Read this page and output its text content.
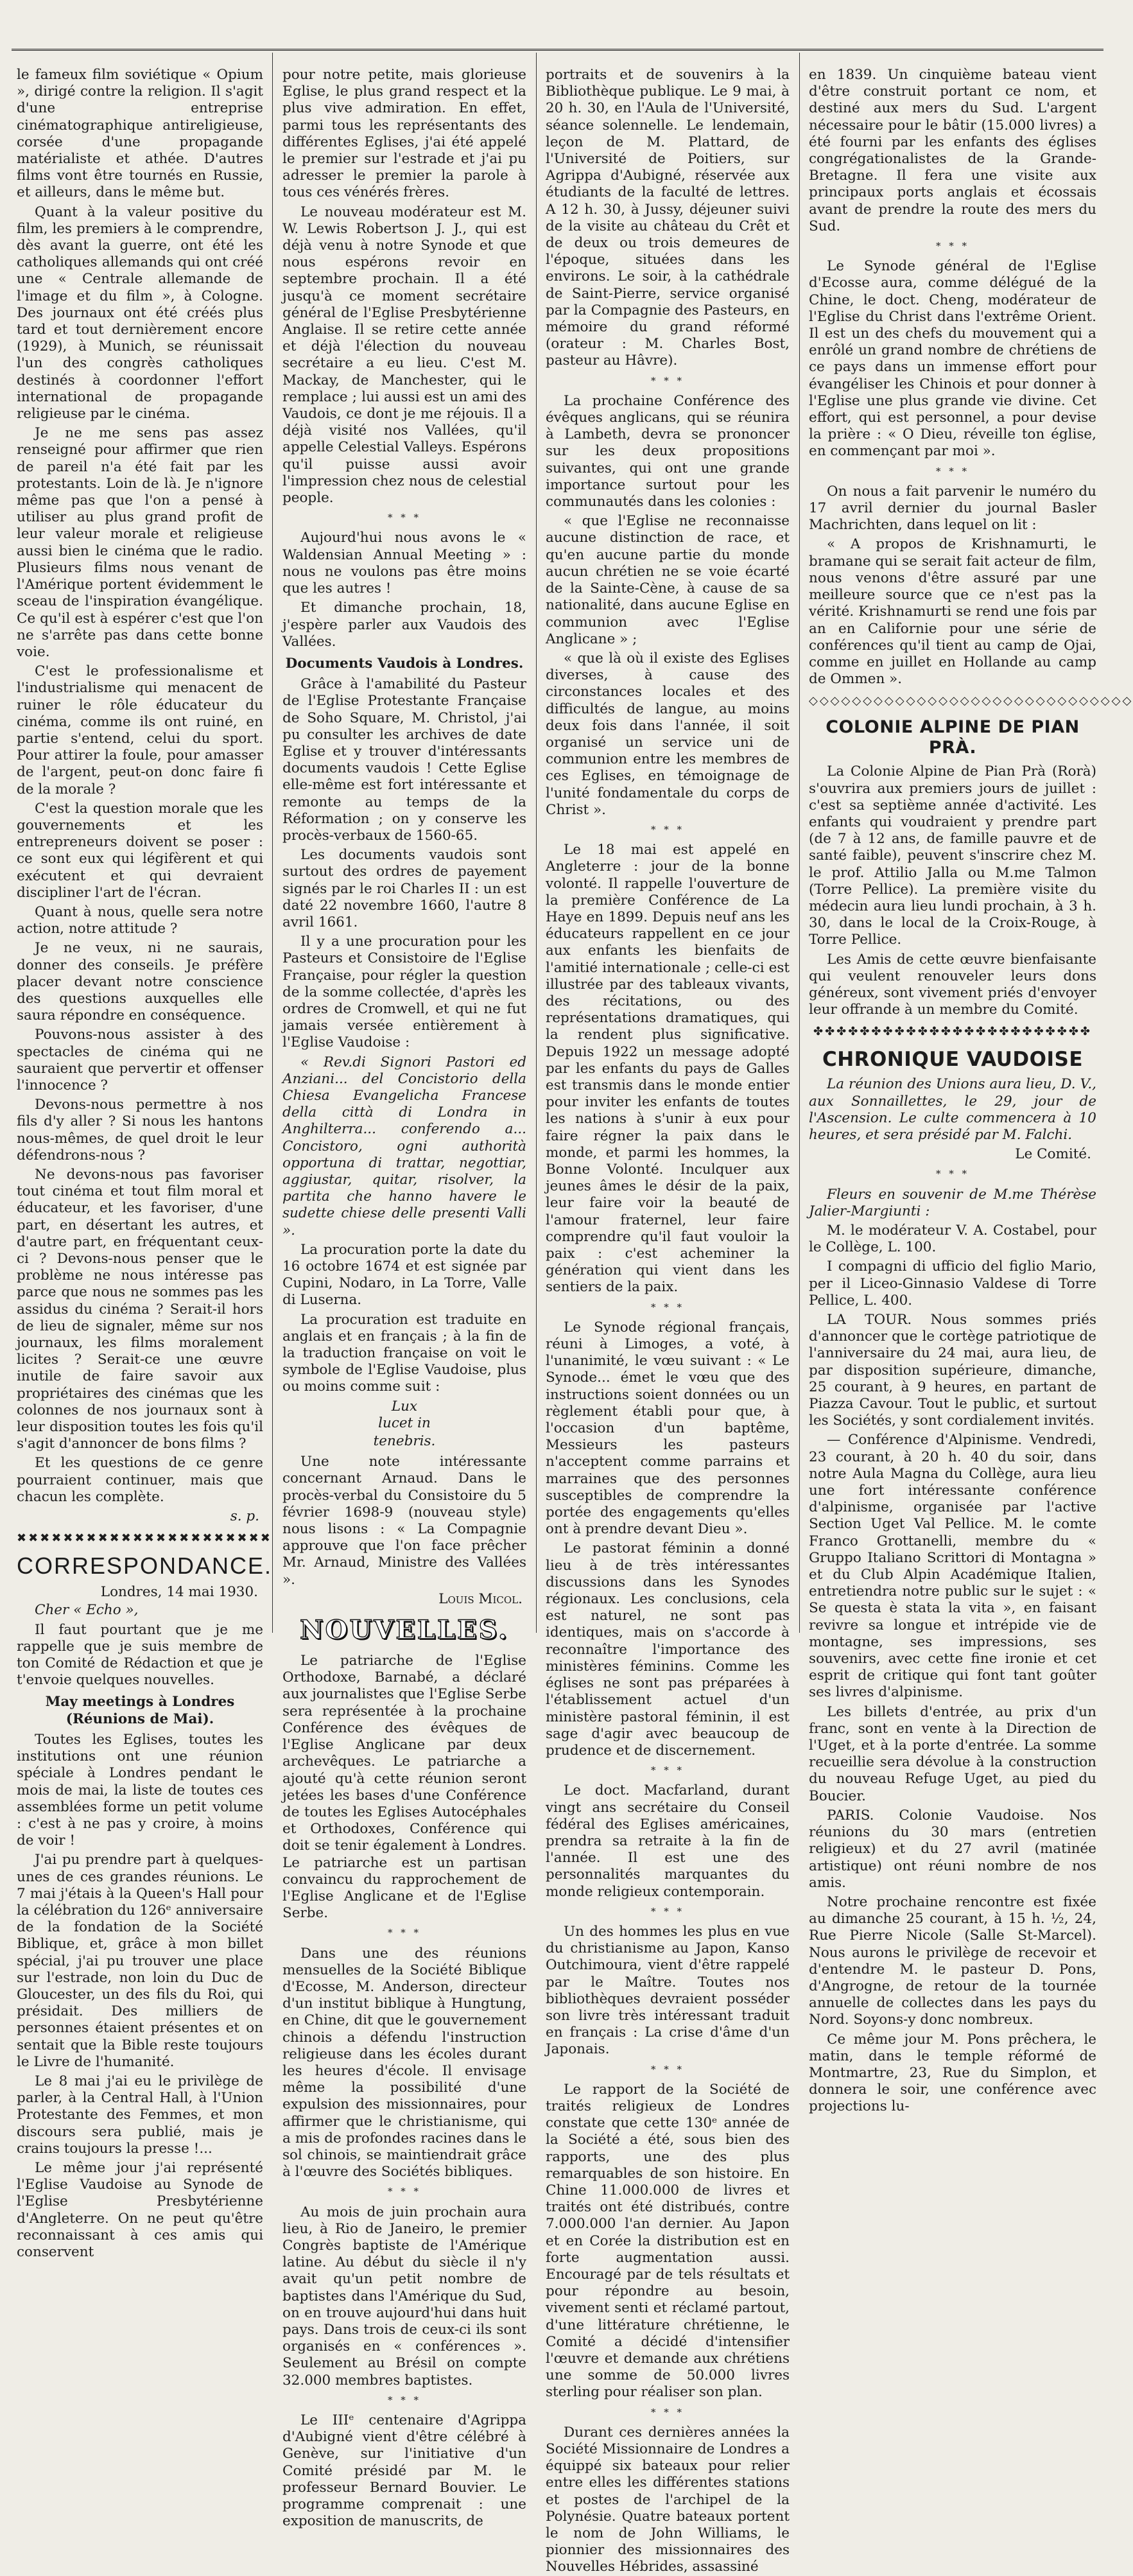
le fameux film soviétique « Opium », dirigé contre la religion. Il s'agit d'une entreprise cinématographique antireligieuse, corsée d'une propagande matérialiste et athée. D'autres films vont être tournés en Russie, et ailleurs, dans le même but.

Quant à la valeur positive du film, les premiers à le comprendre, dès avant la guerre, ont été les catholiques allemands qui ont créé une « Centrale allemande de l'image et du film », à Cologne. Des journaux ont été créés plus tard et tout dernièrement encore (1929), à Munich, se réunissait l'un des congrès catholiques destinés à coordonner l'effort international de propagande religieuse par le cinéma.

Je ne me sens pas assez renseigné pour affirmer que rien de pareil n'a été fait par les protestants. Loin de là. Je n'ignore même pas que l'on a pensé à utiliser au plus grand profit de leur valeur morale et religieuse aussi bien le cinéma que le radio. Plusieurs films nous venant de l'Amérique portent évidemment le sceau de l'inspiration évangélique. Ce qu'il est à espérer c'est que l'on ne s'arrête pas dans cette bonne voie.

C'est le professionalisme et l'industrialisme qui menacent de ruiner le rôle éducateur du cinéma, comme ils ont ruiné, en partie s'entend, celui du sport. Pour attirer la foule, pour amasser de l'argent, peut-on donc faire fi de la morale ?

C'est la question morale que les gouvernements et les entrepreneurs doivent se poser : ce sont eux qui légifèrent et qui exécutent et qui devraient discipliner l'art de l'écran.

Quant à nous, quelle sera notre action, notre attitude ?

Je ne veux, ni ne saurais, donner des conseils. Je préfère placer devant notre conscience des questions auxquelles elle saura répondre en conséquence.

Pouvons-nous assister à des spectacles de cinéma qui ne sauraient que pervertir et offenser l'innocence ?

Devons-nous permettre à nos fils d'y aller ? Si nous les hantons nous-mêmes, de quel droit le leur défendrons-nous ?

Ne devons-nous pas favoriser tout cinéma et tout film moral et éducateur, et les favoriser, d'une part, en désertant les autres, et d'autre part, en fréquentant ceux-ci ? Devons-nous penser que le problème ne nous intéresse pas parce que nous ne sommes pas les assidus du cinéma ? Serait-il hors de lieu de signaler, même sur nos journaux, les films moralement licites ? Serait-ce une œuvre inutile de faire savoir aux propriétaires des cinémas que les colonnes de nos journaux sont à leur disposition toutes les fois qu'il s'agit d'annoncer de bons films ?

Et les questions de ce genre pourraient continuer, mais que chacun les complète.

s. p.
✖✖✖✖✖✖✖✖✖✖✖✖✖✖✖✖✖✖✖✖✖✖
CORRESPONDANCE.
Londres, 14 mai 1930.
Cher « Echo »,

Il faut pourtant que je me rappelle que je suis membre de ton Comité de Rédaction et que je t'envoie quelques nouvelles.

May meetings à Londres
(Réunions de Mai).

Toutes les Eglises, toutes les institutions ont une réunion spéciale à Londres pendant le mois de mai, la liste de toutes ces assemblées forme un petit volume : c'est à ne pas y croire, à moins de voir !

J'ai pu prendre part à quelques-unes de ces grandes réunions. Le 7 mai j'étais à la Queen's Hall pour la célébration du 126ᵉ anniversaire de la fondation de la Société Biblique, et, grâce à mon billet spécial, j'ai pu trouver une place sur l'estrade, non loin du Duc de Gloucester, un des fils du Roi, qui présidait. Des milliers de personnes étaient présentes et on sentait que la Bible reste toujours le Livre de l'humanité.

Le 8 mai j'ai eu le privilège de parler, à la Central Hall, à l'Union Protestante des Femmes, et mon discours sera publié, mais je crains toujours la presse !...

Le même jour j'ai représenté l'Eglise Vaudoise au Synode de l'Eglise Presbytérienne d'Angleterre. On ne peut qu'être reconnaissant à ces amis qui conservent

pour notre petite, mais glorieuse Eglise, le plus grand respect et la plus vive admiration. En effet, parmi tous les représentants des différentes Eglises, j'ai été appelé le premier sur l'estrade et j'ai pu adresser le premier la parole à tous ces vénérés frères.

Le nouveau modérateur est M. W. Lewis Robertson J. J., qui est déjà venu à notre Synode et que nous espérons revoir en septembre prochain. Il a été jusqu'à ce moment secrétaire général de l'Eglise Presbytérienne Anglaise. Il se retire cette année et déjà l'élection du nouveau secrétaire a eu lieu. C'est M. Mackay, de Manchester, qui le remplace ; lui aussi est un ami des Vaudois, ce dont je me réjouis. Il a déjà visité nos Vallées, qu'il appelle Celestial Valleys. Espérons qu'il puisse aussi avoir l'impression chez nous de celestial people.

* * *

Aujourd'hui nous avons le « Waldensian Annual Meeting » : nous ne voulons pas être moins que les autres !

Et dimanche prochain, 18, j'espère parler aux Vaudois des Vallées.

Documents Vaudois à Londres.

Grâce à l'amabilité du Pasteur de l'Eglise Protestante Française de Soho Square, M. Christol, j'ai pu consulter les archives de date Eglise et y trouver d'intéressants documents vaudois ! Cette Eglise elle-même est fort intéressante et remonte au temps de la Réformation ; on y conserve les procès-verbaux de 1560-65.

Les documents vaudois sont surtout des ordres de payement signés par le roi Charles II : un est daté 22 novembre 1660, l'autre 8 avril 1661.

Il y a une procuration pour les Pasteurs et Consistoire de l'Eglise Française, pour régler la question de la somme collectée, d'après les ordres de Cromwell, et qui ne fut jamais versée entièrement à l'Eglise Vaudoise :

« Rev.di Signori Pastori ed Anziani... del Concistorio della Chiesa Evangelicha Francese della città di Londra in Anghilterra... conferendo a... Concistoro, ogni authorità opportuna di trattar, negottiar, aggiustar, quitar, risolver, la partita che hanno havere le sudette chiese delle presenti Valli ».

La procuration porte la date du 16 octobre 1674 et est signée par Cupini, Nodaro, in La Torre, Valle di Luserna.

La procuration est traduite en anglais et en français ; à la fin de la traduction française on voit le symbole de l'Eglise Vaudoise, plus ou moins comme suit :

Lux
lucet in
tenebris.

Une note intéressante concernant Arnaud. Dans le procès-verbal du Consistoire du 5 février 1698-9 (nouveau style) nous lisons : « La Compagnie approuve que l'on face prêcher Mr. Arnaud, Ministre des Vallées ».

Louis Micol.
NOUVELLES.

Le patriarche de l'Eglise Orthodoxe, Barnabé, a déclaré aux journalistes que l'Eglise Serbe sera représentée à la prochaine Conférence des évêques de l'Eglise Anglicane par deux archevêques. Le patriarche a ajouté qu'à cette réunion seront jetées les bases d'une Conférence de toutes les Eglises Autocéphales et Orthodoxes, Conférence qui doit se tenir également à Londres. Le patriarche est un partisan convaincu du rapprochement de l'Eglise Anglicane et de l'Eglise Serbe.

* * *

Dans une des réunions mensuelles de la Société Biblique d'Ecosse, M. Anderson, directeur d'un institut biblique à Hungtung, en Chine, dit que le gouvernement chinois a défendu l'instruction religieuse dans les écoles durant les heures d'école. Il envisage même la possibilité d'une expulsion des missionnaires, pour affirmer que le christianisme, qui a mis de profondes racines dans le sol chinois, se maintiendrait grâce à l'œuvre des Sociétés bibliques.

* * *

Au mois de juin prochain aura lieu, à Rio de Janeiro, le premier Congrès baptiste de l'Amérique latine. Au début du siècle il n'y avait qu'un petit nombre de baptistes dans l'Amérique du Sud, on en trouve aujourd'hui dans huit pays. Dans trois de ceux-ci ils sont organisés en « conférences ». Seulement au Brésil on compte 32.000 membres baptistes.

* * *

Le IIIᵉ centenaire d'Agrippa d'Aubigné vient d'être célébré à Genève, sur l'initiative d'un Comité présidé par M. le professeur Bernard Bouvier. Le programme comprenait : une exposition de manuscrits, de

portraits et de souvenirs à la Bibliothèque publique. Le 9 mai, à 20 h. 30, en l'Aula de l'Université, séance solennelle. Le lendemain, leçon de M. Plattard, de l'Université de Poitiers, sur Agrippa d'Aubigné, réservée aux étudiants de la faculté de lettres. A 12 h. 30, à Jussy, déjeuner suivi de la visite au château du Crêt et de deux ou trois demeures de l'époque, situées dans les environs. Le soir, à la cathédrale de Saint-Pierre, service organisé par la Compagnie des Pasteurs, en mémoire du grand réformé (orateur : M. Charles Bost, pasteur au Hâvre).

* * *

La prochaine Conférence des évêques anglicans, qui se réunira à Lambeth, devra se prononcer sur les deux propositions suivantes, qui ont une grande importance surtout pour les communautés dans les colonies :

« que l'Eglise ne reconnaisse aucune distinction de race, et qu'en aucune partie du monde aucun chrétien ne se voie écarté de la Sainte-Cène, à cause de sa nationalité, dans aucune Eglise en communion avec l'Eglise Anglicane » ;

« que là où il existe des Eglises diverses, à cause des circonstances locales et des difficultés de langue, au moins deux fois dans l'année, il soit organisé un service uni de communion entre les membres de ces Eglises, en témoignage de l'unité fondamentale du corps de Christ ».

* * *

Le 18 mai est appelé en Angleterre : jour de la bonne volonté. Il rappelle l'ouverture de la première Conférence de La Haye en 1899. Depuis neuf ans les éducateurs rappellent en ce jour aux enfants les bienfaits de l'amitié internationale ; celle-ci est illustrée par des tableaux vivants, des récitations, ou des représentations dramatiques, qui la rendent plus significative. Depuis 1922 un message adopté par les enfants du pays de Galles est transmis dans le monde entier pour inviter les enfants de toutes les nations à s'unir à eux pour faire régner la paix dans le monde, et parmi les hommes, la Bonne Volonté. Inculquer aux jeunes âmes le désir de la paix, leur faire voir la beauté de l'amour fraternel, leur faire comprendre qu'il faut vouloir la paix : c'est acheminer la génération qui vient dans les sentiers de la paix.

* * *

Le Synode régional français, réuni à Limoges, a voté, à l'unanimité, le vœu suivant : « Le Synode... émet le vœu que des instructions soient données ou un règlement établi pour que, à l'occasion d'un baptême, Messieurs les pasteurs n'acceptent comme parrains et marraines que des personnes susceptibles de comprendre la portée des engagements qu'elles ont à prendre devant Dieu ».

Le pastorat féminin a donné lieu à de très intéressantes discussions dans les Synodes régionaux. Les conclusions, cela est naturel, ne sont pas identiques, mais on s'accorde à reconnaître l'importance des ministères féminins. Comme les églises ne sont pas préparées à l'établissement actuel d'un ministère pastoral féminin, il est sage d'agir avec beaucoup de prudence et de discernement.

* * *

Le doct. Macfarland, durant vingt ans secrétaire du Conseil fédéral des Eglises américaines, prendra sa retraite à la fin de l'année. Il est une des personnalités marquantes du monde religieux contemporain.

* * *

Un des hommes les plus en vue du christianisme au Japon, Kanso Outchimoura, vient d'être rappelé par le Maître. Toutes nos bibliothèques devraient posséder son livre très intéressant traduit en français : La crise d'âme d'un Japonais.

* * *

Le rapport de la Société de traités religieux de Londres constate que cette 130ᵉ année de la Société a été, sous bien des rapports, une des plus remarquables de son histoire. En Chine 11.000.000 de livres et traités ont été distribués, contre 7.000.000 l'an dernier. Au Japon et en Corée la distribution est en forte augmentation aussi. Encouragé par de tels résultats et pour répondre au besoin, vivement senti et réclamé partout, d'une littérature chrétienne, le Comité a décidé d'intensifier l'œuvre et demande aux chrétiens une somme de 50.000 livres sterling pour réaliser son plan.

* * *

Durant ces dernières années la Société Missionnaire de Londres a équippé six bateaux pour relier entre elles les différentes stations et postes de l'archipel de la Polynésie. Quatre bateaux portent le nom de John Williams, le pionnier des missionnaires des Nouvelles Hébrides, assassiné

en 1839. Un cinquième bateau vient d'être construit portant ce nom, et destiné aux mers du Sud. L'argent nécessaire pour le bâtir (15.000 livres) a été fourni par les enfants des églises congrégationalistes de la Grande-Bretagne. Il fera une visite aux principaux ports anglais et écossais avant de prendre la route des mers du Sud.

* * *

Le Synode général de l'Eglise d'Ecosse aura, comme délégué de la Chine, le doct. Cheng, modérateur de l'Eglise du Christ dans l'extrême Orient. Il est un des chefs du mouvement qui a enrôlé un grand nombre de chrétiens de ce pays dans un immense effort pour évangéliser les Chinois et pour donner à l'Eglise une plus grande vie divine. Cet effort, qui est personnel, a pour devise la prière : « O Dieu, réveille ton église, en commençant par moi ».

* * *

On nous a fait parvenir le numéro du 17 avril dernier du journal Basler Machrichten, dans lequel on lit :

« A propos de Krishnamurti, le bramane qui se serait fait acteur de film, nous venons d'être assuré par une meilleure source que ce n'est pas la vérité. Krishnamurti se rend une fois par an en Californie pour une série de conférences qu'il tient au camp de Ojai, comme en juillet en Hollande au camp de Ommen ».

◇◇◇◇◇◇◇◇◇◇◇◇◇◇◇◇◇◇◇◇◇◇◇◇◇◇◇◇◇◇
COLONIE ALPINE DE PIAN PRÀ.

La Colonie Alpine de Pian Prà (Rorà) s'ouvrira aux premiers jours de juillet : c'est sa septième année d'activité. Les enfants qui voudraient y prendre part (de 7 à 12 ans, de famille pauvre et de santé faible), peuvent s'inscrire chez M. le prof. Attilio Jalla ou M.me Talmon (Torre Pellice). La première visite du médecin aura lieu lundi prochain, à 3 h. 30, dans le local de la Croix-Rouge, à Torre Pellice.

Les Amis de cette œuvre bienfaisante qui veulent renouveler leurs dons généreux, sont vivement priés d'envoyer leur offrande à un membre du Comité.

✤✤✤✤✤✤✤✤✤✤✤✤✤✤✤✤✤✤✤✤✤✤✤✤
CHRONIQUE VAUDOISE

La réunion des Unions aura lieu, D. V., aux Sonnaillettes, le 29, jour de l'Ascension. Le culte commencera à 10 heures, et sera présidé par M. Falchi.

Le Comité.
* * *

Fleurs en souvenir de M.me Thérèse Jalier-Margiunti :

M. le modérateur V. A. Costabel, pour le Collège, L. 100.

I compagni di ufficio del figlio Mario, per il Liceo-Ginnasio Valdese di Torre Pellice, L. 400.

LA TOUR. Nous sommes priés d'annoncer que le cortège patriotique de l'anniversaire du 24 mai, aura lieu, de par disposition supérieure, dimanche, 25 courant, à 9 heures, en partant de Piazza Cavour. Tout le public, et surtout les Sociétés, y sont cordialement invités.

— Conférence d'Alpinisme. Vendredi, 23 courant, à 20 h. 40 du soir, dans notre Aula Magna du Collège, aura lieu une fort intéressante conférence d'alpinisme, organisée par l'active Section Uget Val Pellice. M. le comte Franco Grottanelli, membre du « Gruppo Italiano Scrittori di Montagna » et du Club Alpin Académique Italien, entretiendra notre public sur le sujet : « Se questa è stata la vita », en faisant revivre sa longue et intrépide vie de montagne, ses impressions, ses souvenirs, avec cette fine ironie et cet esprit de critique qui font tant goûter ses livres d'alpinisme.

Les billets d'entrée, au prix d'un franc, sont en vente à la Direction de l'Uget, et à la porte d'entrée. La somme recueillie sera dévolue à la construction du nouveau Refuge Uget, au pied du Boucier.

PARIS. Colonie Vaudoise. Nos réunions du 30 mars (entretien religieux) et du 27 avril (matinée artistique) ont réuni nombre de nos amis.

Notre prochaine rencontre est fixée au dimanche 25 courant, à 15 h. ½, 24, Rue Pierre Nicole (Salle St-Marcel). Nous aurons le privilège de recevoir et d'entendre M. le pasteur D. Pons, d'Angrogne, de retour de la tournée annuelle de collectes dans les pays du Nord. Soyons-y donc nombreux.

Ce même jour M. Pons prêchera, le matin, dans le temple réformé de Montmartre, 23, Rue du Simplon, et donnera le soir, une conférence avec projections lu-
